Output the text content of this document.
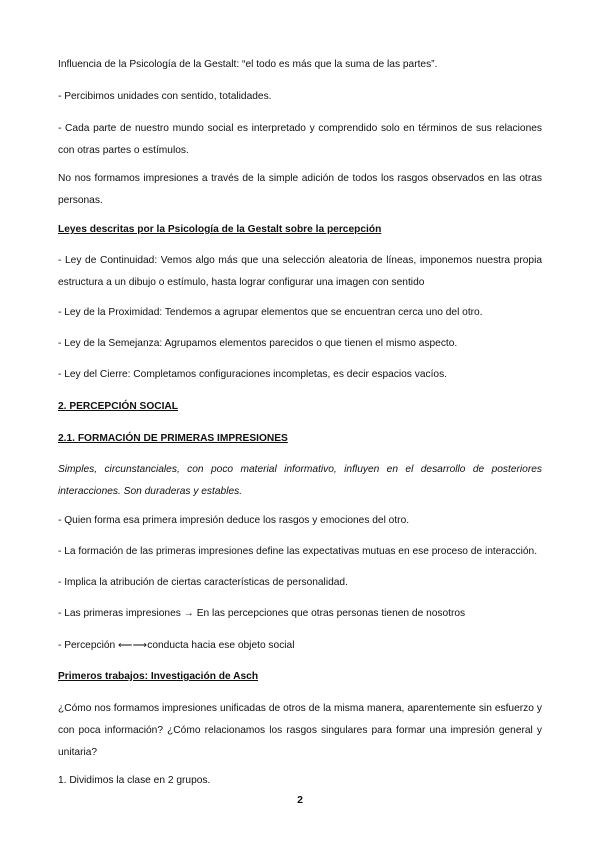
Influencia de la Psicología de la Gestalt: “el todo es más que la suma de las partes”.

- Percibimos unidades con sentido, totalidades.

- Cada parte de nuestro mundo social es interpretado y comprendido solo en términos de sus relaciones con otras partes o estímulos.

No nos formamos impresiones a través de la simple adición de todos los rasgos observados en las otras personas.

Leyes descritas por la Psicología de la Gestalt sobre la percepción

- Ley de Continuidad: Vemos algo más que una selección aleatoria de líneas, imponemos nuestra propia estructura a un dibujo o estímulo, hasta lograr configurar una imagen con sentido

- Ley de la Proximidad: Tendemos a agrupar elementos que se encuentran cerca uno del otro.

- Ley de la Semejanza: Agrupamos elementos parecidos o que tienen el mismo aspecto.

- Ley del Cierre: Completamos configuraciones incompletas, es decir espacios vacíos.

2. PERCEPCIÓN SOCIAL

2.1. FORMACIÓN DE PRIMERAS IMPRESIONES

Simples, circunstanciales, con poco material informativo, influyen en el desarrollo de posteriores interacciones. Son duraderas y estables.

- Quien forma esa primera impresión deduce los rasgos y emociones del otro.

- La formación de las primeras impresiones define las expectativas mutuas en ese proceso de interacción.

- Implica la atribución de ciertas características de personalidad.

- Las primeras impresiones → En las percepciones que otras personas tienen de nosotros

- Percepción ⟵⟶conducta hacia ese objeto social

Primeros trabajos: Investigación de Asch

¿Cómo nos formamos impresiones unificadas de otros de la misma manera, aparentemente sin esfuerzo y con poca información? ¿Cómo relacionamos los rasgos singulares para formar una impresión general y unitaria?

1. Dividimos la clase en 2 grupos.

2
